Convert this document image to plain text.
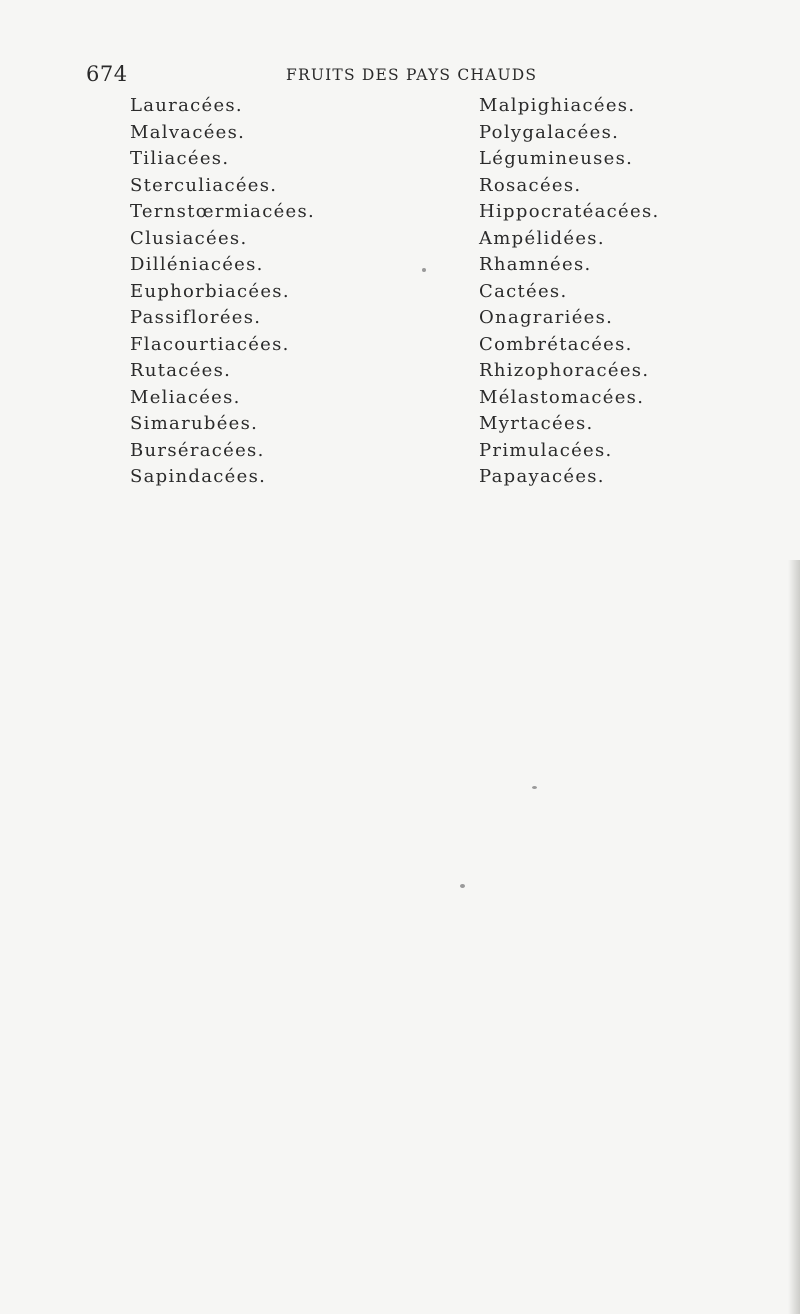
674	FRUITS DES PAYS CHAUDS
Lauracées.
Malvacées.
Tiliacées.
Sterculiacées.
Ternstœrmiacées.
Clusiacées.
Dilléniacées.
Euphorbiacées.
Passiflorées.
Flacourtiacées.
Rutacées.
Meliacées.
Simarubées.
Burséracées.
Sapindacées.
Malpighiacées.
Polygalacées.
Légumineuses.
Rosacées.
Hippocratéacées.
Ampélidées.
Rhamnées.
Cactées.
Onagrariées.
Combrétacées.
Rhizophoracées.
Mélastomacées.
Myrtacées.
Primulacées.
Papayacées.
